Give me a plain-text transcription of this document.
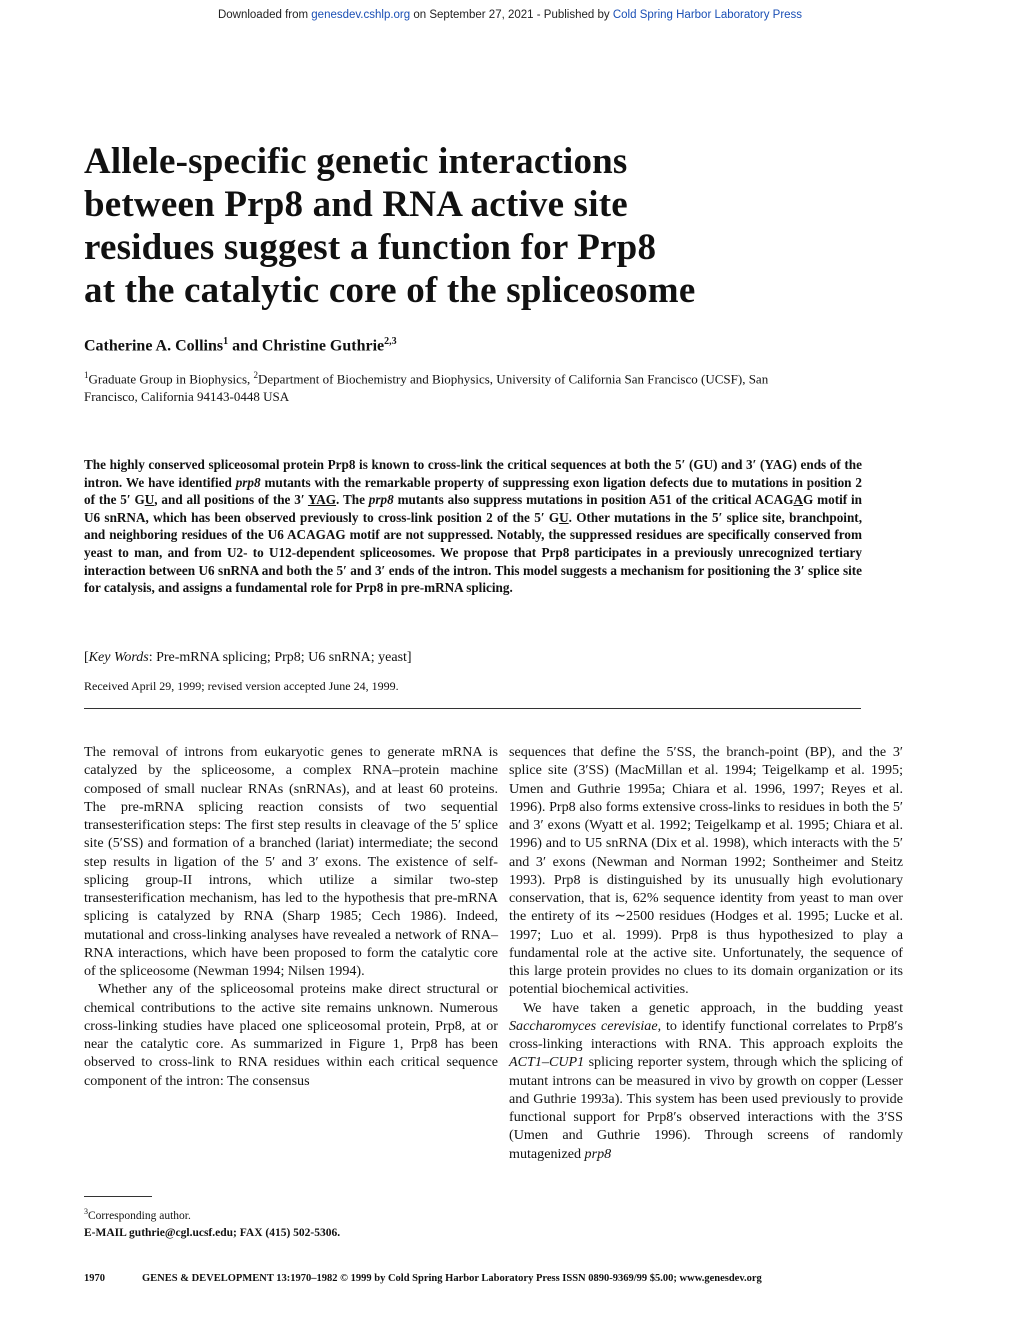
Downloaded from genesdev.cshlp.org on September 27, 2021 - Published by Cold Spring Harbor Laboratory Press
Allele-specific genetic interactions
between Prp8 and RNA active site
residues suggest a function for Prp8
at the catalytic core of the spliceosome
Catherine A. Collins$^1$ and Christine Guthrie$^{2,3}$
$^1$Graduate Group in Biophysics, $^2$Department of Biochemistry and Biophysics, University of California San Francisco (UCSF), San Francisco, California 94143-0448 USA
The highly conserved spliceosomal protein Prp8 is known to cross-link the critical sequences at both the 5′ (GU) and 3′ (YAG) ends of the intron. We have identified prp8 mutants with the remarkable property of suppressing exon ligation defects due to mutations in position 2 of the 5′ GU, and all positions of the 3′ YAG. The prp8 mutants also suppress mutations in position A51 of the critical ACAGAG motif in U6 snRNA, which has been observed previously to cross-link position 2 of the 5′ GU. Other mutations in the 5′ splice site, branchpoint, and neighboring residues of the U6 ACAGAG motif are not suppressed. Notably, the suppressed residues are specifically conserved from yeast to man, and from U2- to U12-dependent spliceosomes. We propose that Prp8 participates in a previously unrecognized tertiary interaction between U6 snRNA and both the 5′ and 3′ ends of the intron. This model suggests a mechanism for positioning the 3′ splice site for catalysis, and assigns a fundamental role for Prp8 in pre-mRNA splicing.
[Key Words: Pre-mRNA splicing; Prp8; U6 snRNA; yeast]
Received April 29, 1999; revised version accepted June 24, 1999.

The removal of introns from eukaryotic genes to generate mRNA is catalyzed by the spliceosome, a complex RNA–protein machine composed of small nuclear RNAs (snRNAs), and at least 60 proteins. The pre-mRNA splicing reaction consists of two sequential transesterification steps: The first step results in cleavage of the 5′ splice site (5′SS) and formation of a branched (lariat) intermediate; the second step results in ligation of the 5′ and 3′ exons. The existence of self-splicing group-II introns, which utilize a similar two-step transesterification mechanism, has led to the hypothesis that pre-mRNA splicing is catalyzed by RNA (Sharp 1985; Cech 1986). Indeed, mutational and cross-linking analyses have revealed a network of RNA–RNA interactions, which have been proposed to form the catalytic core of the spliceosome (Newman 1994; Nilsen 1994).

Whether any of the spliceosomal proteins make direct structural or chemical contributions to the active site remains unknown. Numerous cross-linking studies have placed one spliceosomal protein, Prp8, at or near the catalytic core. As summarized in Figure 1, Prp8 has been observed to cross-link to RNA residues within each critical sequence component of the intron: The consensus

sequences that define the 5′SS, the branch-point (BP), and the 3′ splice site (3′SS) (MacMillan et al. 1994; Teigelkamp et al. 1995; Umen and Guthrie 1995a; Chiara et al. 1996, 1997; Reyes et al. 1996). Prp8 also forms extensive cross-links to residues in both the 5′ and 3′ exons (Wyatt et al. 1992; Teigelkamp et al. 1995; Chiara et al. 1996) and to U5 snRNA (Dix et al. 1998), which interacts with the 5′ and 3′ exons (Newman and Norman 1992; Sontheimer and Steitz 1993). Prp8 is distinguished by its unusually high evolutionary conservation, that is, 62% sequence identity from yeast to man over the entirety of its ∼2500 residues (Hodges et al. 1995; Lucke et al. 1997; Luo et al. 1999). Prp8 is thus hypothesized to play a fundamental role at the active site. Unfortunately, the sequence of this large protein provides no clues to its domain organization or its potential biochemical activities.

We have taken a genetic approach, in the budding yeast Saccharomyces cerevisiae, to identify functional correlates to Prp8′s cross-linking interactions with RNA. This approach exploits the ACT1–CUP1 splicing reporter system, through which the splicing of mutant introns can be measured in vivo by growth on copper (Lesser and Guthrie 1993a). This system has been used previously to provide functional support for Prp8′s observed interactions with the 3′SS (Umen and Guthrie 1996). Through screens of randomly mutagenized prp8

$^3$Corresponding author.
E-MAIL guthrie@cgl.ucsf.edu; FAX (415) 502-5306.
1970	GENES & DEVELOPMENT 13:1970–1982 © 1999 by Cold Spring Harbor Laboratory Press ISSN 0890-9369/99 $5.00; www.genesdev.org
